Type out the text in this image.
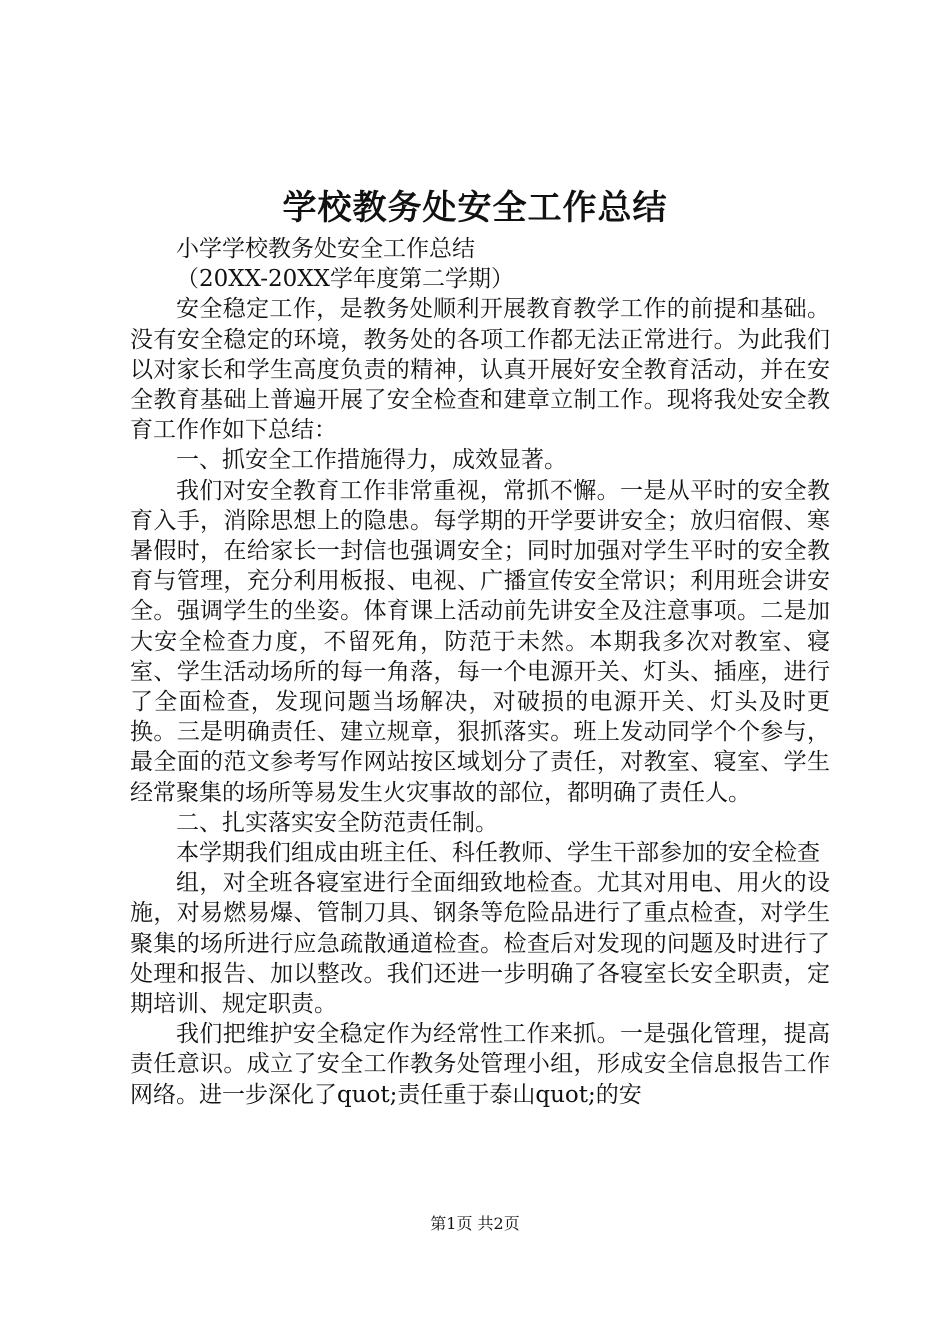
学校教务处安全工作总结

小学学校教务处安全工作总结

（20XX-20XX学年度第二学期）

安全稳定工作，是教务处顺利开展教育教学工作的前提和基础。没有安全稳定的环境，教务处的各项工作都无法正常进行。为此我们以对家长和学生高度负责的精神，认真开展好安全教育活动，并在安全教育基础上普遍开展了安全检查和建章立制工作。现将我处安全教育工作作如下总结：

一、抓安全工作措施得力，成效显著。

我们对安全教育工作非常重视，常抓不懈。一是从平时的安全教育入手，消除思想上的隐患。每学期的开学要讲安全；放归宿假、寒暑假时，在给家长一封信也强调安全；同时加强对学生平时的安全教育与管理，充分利用板报、电视、广播宣传安全常识；利用班会讲安全。强调学生的坐姿。体育课上活动前先讲安全及注意事项。二是加大安全检查力度，不留死角，防范于未然。本期我多次对教室、寝室、学生活动场所的每一角落，每一个电源开关、灯头、插座，进行了全面检查，发现问题当场解决，对破损的电源开关、灯头及时更换。三是明确责任、建立规章，狠抓落实。班上发动同学个个参与，最全面的范文参考写作网站按区域划分了责任，对教室、寝室、学生经常聚集的场所等易发生火灾事故的部位，都明确了责任人。

二、扎实落实安全防范责任制。

本学期我们组成由班主任、科任教师、学生干部参加的安全检查

组，对全班各寝室进行全面细致地检查。尤其对用电、用火的设施，对易燃易爆、管制刀具、钢条等危险品进行了重点检查，对学生聚集的场所进行应急疏散通道检查。检查后对发现的问题及时进行了处理和报告、加以整改。我们还进一步明确了各寝室长安全职责，定期培训、规定职责。

我们把维护安全稳定作为经常性工作来抓。一是强化管理，提高责任意识。成立了安全工作教务处管理小组，形成安全信息报告工作网络。进一步深化了quot;责任重于泰山quot;的安

第1页 共2页
